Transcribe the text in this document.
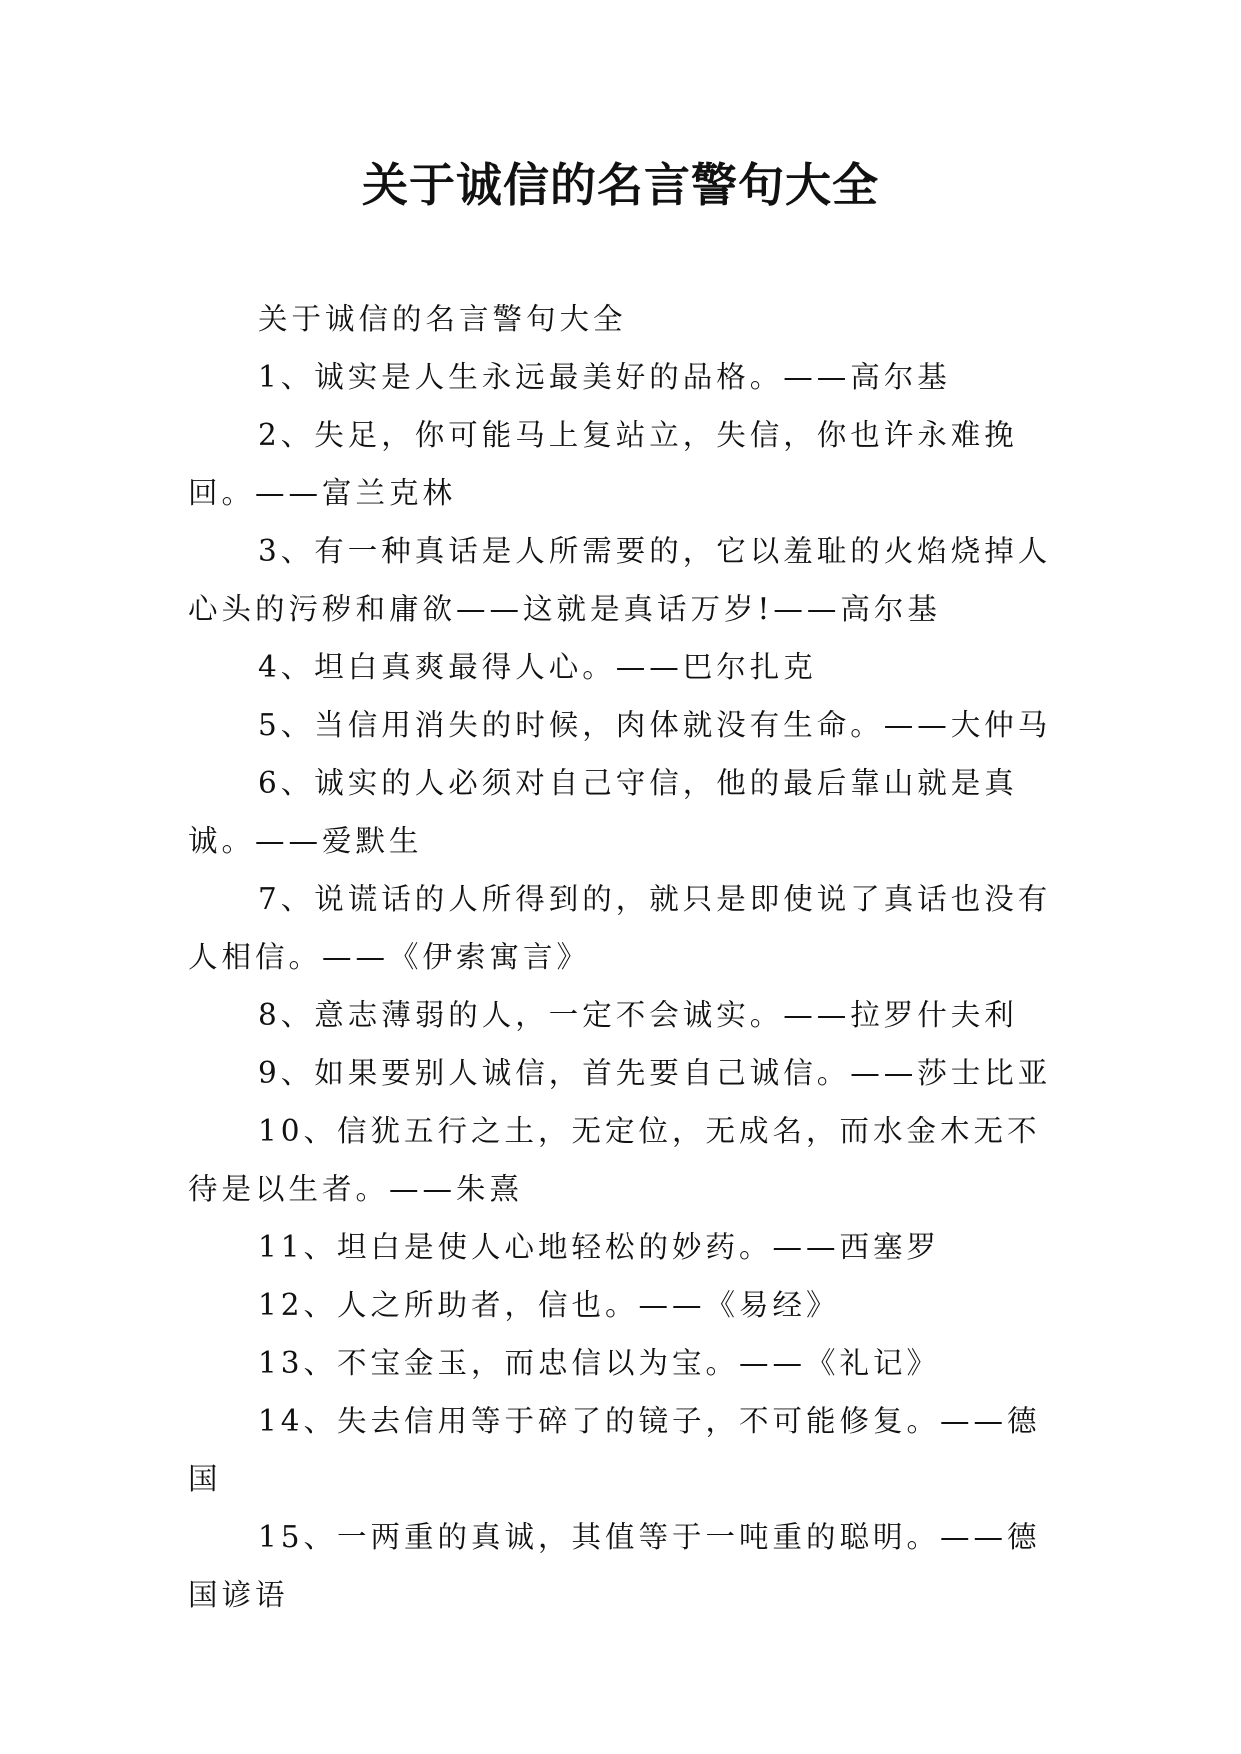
关于诚信的名言警句大全

关于诚信的名言警句大全

1、诚实是人生永远最美好的品格。——高尔基

2、失足，你可能马上复站立，失信，你也许永难挽回。——富兰克林

3、有一种真话是人所需要的，它以羞耻的火焰烧掉人心头的污秽和庸欲——这就是真话万岁!——高尔基

4、坦白真爽最得人心。——巴尔扎克

5、当信用消失的时候，肉体就没有生命。——大仲马

6、诚实的人必须对自己守信，他的最后靠山就是真诚。——爱默生

7、说谎话的人所得到的，就只是即使说了真话也没有人相信。——《伊索寓言》

8、意志薄弱的人，一定不会诚实。——拉罗什夫利

9、如果要别人诚信，首先要自己诚信。——莎士比亚

10、信犹五行之土，无定位，无成名，而水金木无不待是以生者。——朱熹

11、坦白是使人心地轻松的妙药。——西塞罗

12、人之所助者，信也。——《易经》

13、不宝金玉，而忠信以为宝。——《礼记》

14、失去信用等于碎了的镜子，不可能修复。——德国

15、一两重的真诚，其值等于一吨重的聪明。——德国谚语
